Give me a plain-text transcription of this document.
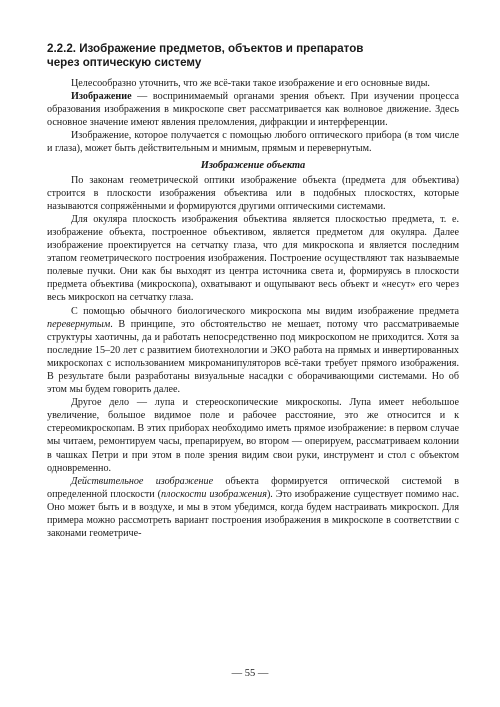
2.2.2. Изображение предметов, объектов и препаратов
через оптическую систему

Целесообразно уточнить, что же всё-таки такое изображение и его основные виды.

Изображение — воспринимаемый органами зрения объект. При изучении процесса образования изображения в микроскопе свет рассматривается как волновое движение. Здесь основное значение имеют явления преломления, дифракции и интерференции.

Изображение, которое получается с помощью любого оптического прибора (в том числе и глаза), может быть действительным и мнимым, прямым и перевернутым.

Изображение объекта

По законам геометрической оптики изображение объекта (предмета для объектива) строится в плоскости изображения объектива или в подобных плоскостях, которые называются сопряжёнными и формируются другими оптическими системами.

Для окуляра плоскость изображения объектива является плоскостью предмета, т. е. изображение объекта, построенное объективом, является предметом для окуляра. Далее изображение проектируется на сетчатку глаза, что для микроскопа и является последним этапом геометрического построения изображения. Построение осуществляют так называемые полевые пучки. Они как бы выходят из центра источника света и, формируясь в плоскости предмета объектива (микроскопа), охватывают и ощупывают весь объект и «несут» его через весь микроскоп на сетчатку глаза.

С помощью обычного биологического микроскопа мы видим изображение предмета перевернутым. В принципе, это обстоятельство не мешает, потому что рассматриваемые структуры хаотичны, да и работать непосредственно под микроскопом не приходится. Хотя за последние 15–20 лет с развитием биотехнологии и ЭКО работа на прямых и инвертированных микроскопах с использованием микроманипуляторов всё-таки требует прямого изображения. В результате были разработаны визуальные насадки с оборачивающими системами. Но об этом мы будем говорить далее.

Другое дело — лупа и стереоскопические микроскопы. Лупа имеет небольшое увеличение, большое видимое поле и рабочее расстояние, это же относится и к стереомикроскопам. В этих приборах необходимо иметь прямое изображение: в первом случае мы читаем, ремонтируем часы, препарируем, во втором — оперируем, рассматриваем колонии в чашках Петри и при этом в поле зрения видим свои руки, инструмент и стол с объектом одновременно.

Действительное изображение объекта формируется оптической системой в определенной плоскости (плоскости изображения). Это изображение существует помимо нас. Оно может быть и в воздухе, и мы в этом убедимся, когда будем настраивать микроскоп. Для примера можно рассмотреть вариант построения изображения в микроскопе в соответствии с законами геометриче-

— 55 —
